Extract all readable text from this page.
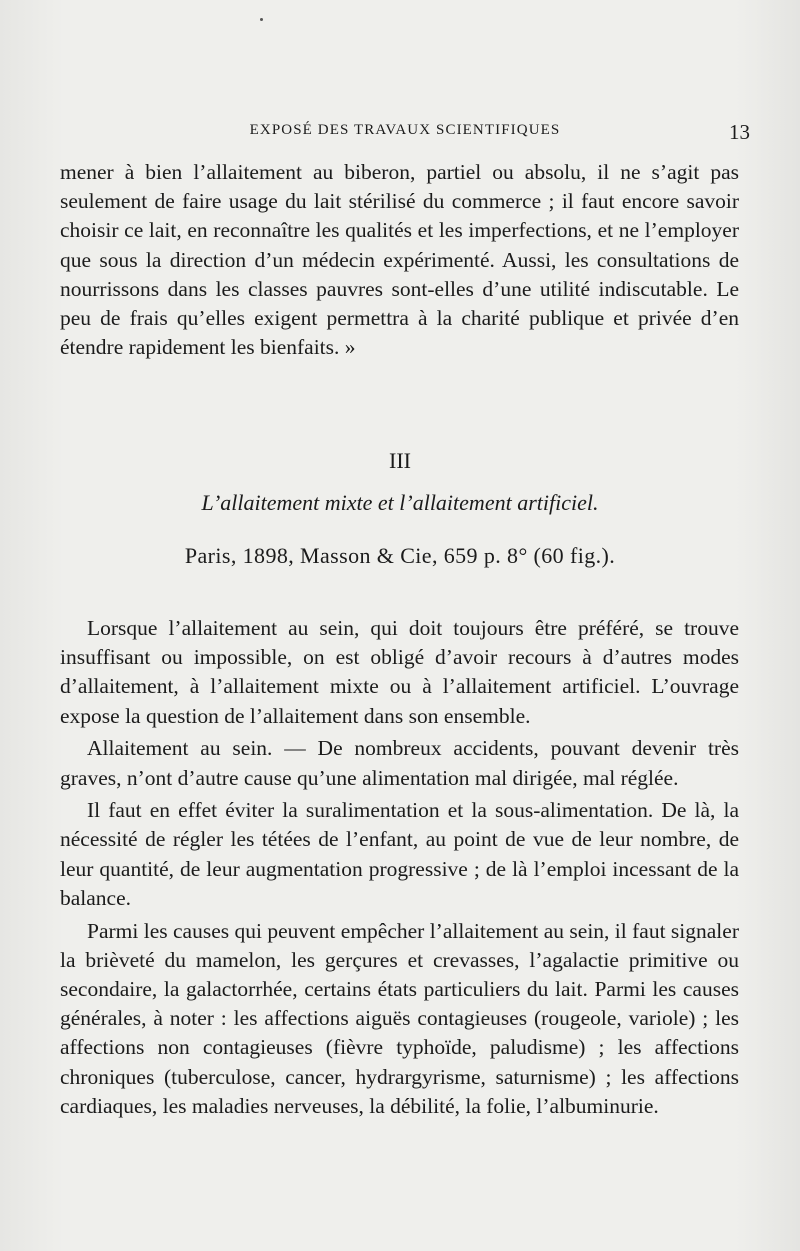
EXPOSÉ DES TRAVAUX SCIENTIFIQUES	13
mener à bien l’allaitement au biberon, partiel ou absolu, il ne s’agit pas seulement de faire usage du lait stérilisé du commerce ; il faut encore savoir choisir ce lait, en reconnaître les qualités et les imperfections, et ne l’employer que sous la direction d’un médecin expérimenté. Aussi, les consultations de nourrissons dans les classes pauvres sont-elles d’une utilité indiscutable. Le peu de frais qu’elles exigent permettra à la charité publique et privée d’en étendre rapidement les bienfaits. »
III
L’allaitement mixte et l’allaitement artificiel.
Paris, 1898, Masson & Cie, 659 p. 8° (60 fig.).

Lorsque l’allaitement au sein, qui doit toujours être préféré, se trouve insuffisant ou impossible, on est obligé d’avoir recours à d’autres modes d’allaitement, à l’allaitement mixte ou à l’allaitement artificiel. L’ouvrage expose la question de l’allaitement dans son ensemble.

Allaitement au sein. — De nombreux accidents, pouvant devenir très graves, n’ont d’autre cause qu’une alimentation mal dirigée, mal réglée.

Il faut en effet éviter la suralimentation et la sous-alimentation. De là, la nécessité de régler les tétées de l’enfant, au point de vue de leur nombre, de leur quantité, de leur augmentation progressive ; de là l’emploi incessant de la balance.

Parmi les causes qui peuvent empêcher l’allaitement au sein, il faut signaler la brièveté du mamelon, les gerçures et crevasses, l’agalactie primitive ou secondaire, la galactorrhée, certains états particuliers du lait. Parmi les causes générales, à noter : les affections aiguës contagieuses (rougeole, variole) ; les affections non contagieuses (fièvre typhoïde, paludisme) ; les affections chroniques (tuberculose, cancer, hydrargyrisme, saturnisme) ; les affections cardiaques, les maladies nerveuses, la débilité, la folie, l’albuminurie.
